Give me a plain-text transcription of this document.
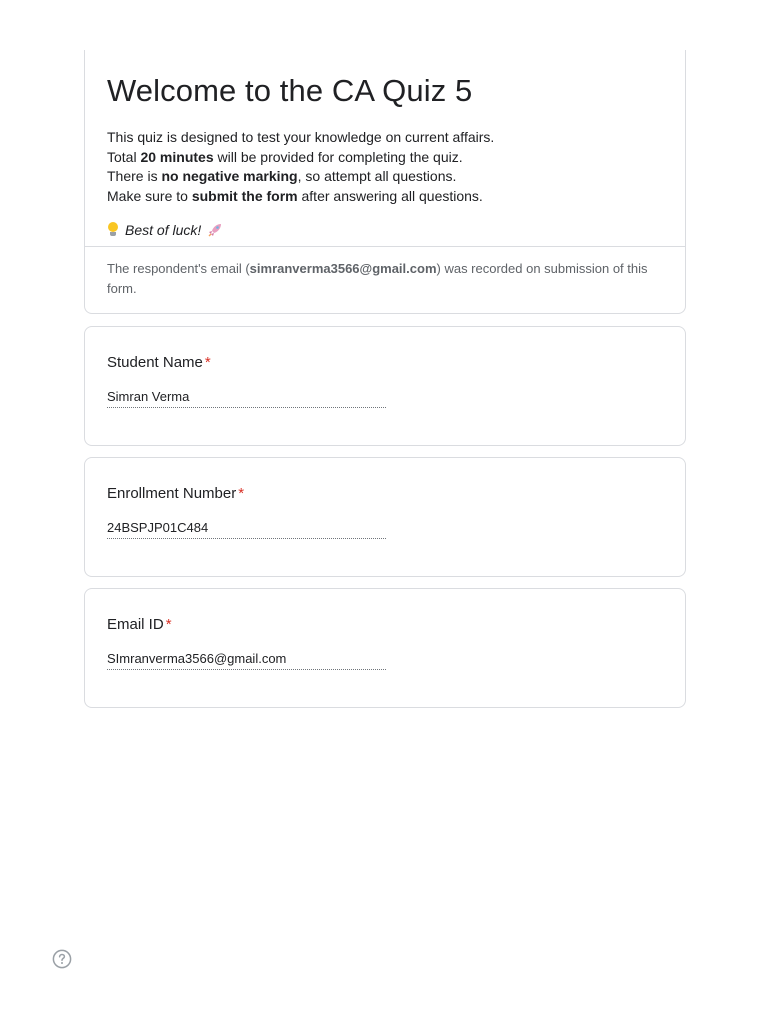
Welcome to the CA Quiz 5

This quiz is designed to test your knowledge on current affairs.

Total 20 minutes will be provided for completing the quiz.

There is no negative marking, so attempt all questions.

Make sure to submit the form after answering all questions.

Best of luck!
The respondent's email (simranverma3566@gmail.com) was recorded on submission of this form.

Student Name *

Simran Verma

Enrollment Number *

24BSPJP01C484

Email ID *

SImranverma3566@gmail.com
